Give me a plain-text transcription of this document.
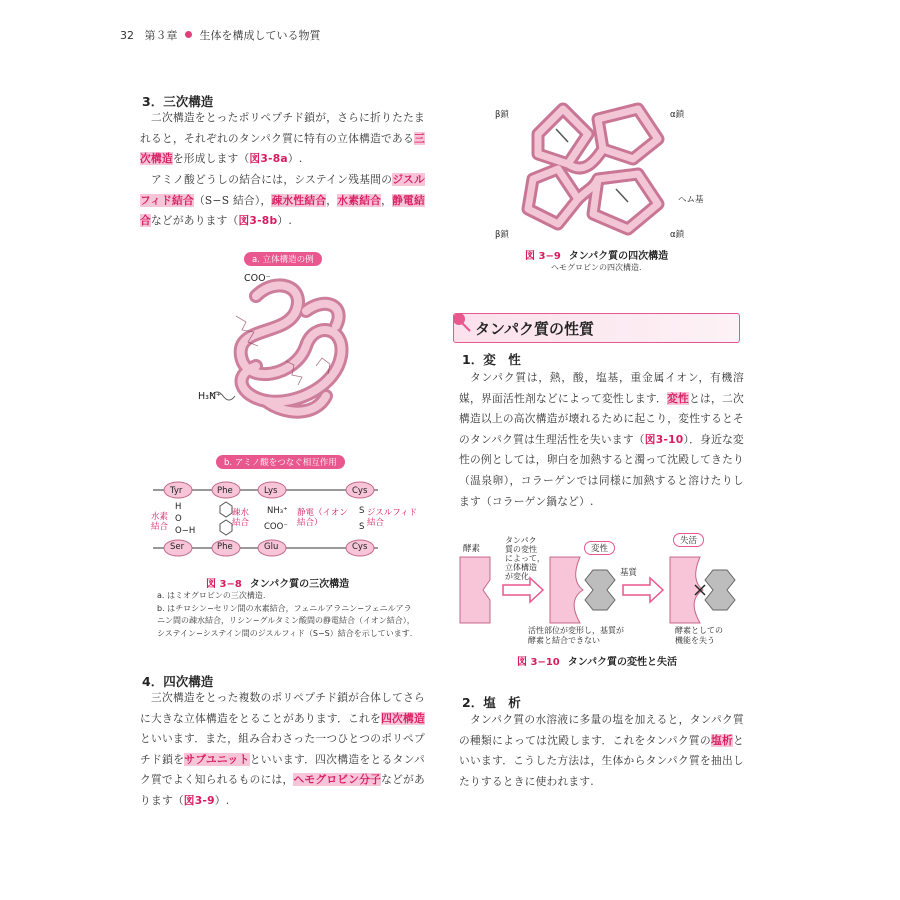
32 第３章 生体を構成している物質
3．三次構造
二次構造をとったポリペプチド鎖が，さらに折りたたまれると，それぞれのタンパク質に特有の立体構造である三次構造を形成します（図3-8a）.
アミノ酸どうしの結合には，システイン残基間のジスルフィド結合（S−S 結合），疎水性結合，水素結合，静電結合などがあります（図3-8b）.
a. 立体構造の例
COO⁻
H₃N⁺
b. アミノ酸をつなぐ相互作用
Tyr	Phe	Lys	Cys
Ser	Phe	Glu	Cys
H
O
O−H
水素
結合
疎水
結合
NH₃⁺
COO⁻
静電（イオン
結合）
S
S
ジスルフィド
結合
図 3−8 タンパク質の三次構造
a. はミオグロビンの三次構造.
b. はチロシン−セリン間の水素結合，フェニルアラニン−フェニルアラニン間の疎水結合，リシン−グルタミン酸間の静電結合（イオン結合），システイン−システイン間のジスルフィド（S−S）結合を示しています.
4．四次構造
三次構造をとった複数のポリペプチド鎖が合体してさらに大きな立体構造をとることがあります．これを四次構造といいます．また，組み合わさった一つひとつのポリペプチド鎖をサブユニットといいます．四次構造をとるタンパク質でよく知られるものには，ヘモグロビン分子などがあります（図3-9）.
β鎖	α鎖
ヘム基
β鎖	α鎖
図 3−9 タンパク質の四次構造
ヘモグロビンの四次構造.
タンパク質の性質
1．変　性
タンパク質は，熱，酸，塩基，重金属イオン，有機溶媒，界面活性剤などによって変性します．変性とは，二次構造以上の高次構造が壊れるために起こり，変性するとそのタンパク質は生理活性を失います（図3-10）．身近な変性の例としては，卵白を加熱すると濁って沈殿してきたり（温泉卵），コラーゲンでは同様に加熱すると溶けたりします（コラーゲン鍋など）.
酵素
タンパク
質の変性
によって，
立体構造
が変化
変性
基質
失活
活性部位が変形し，基質が
酵素と結合できない
酵素としての
機能を失う
図 3−10 タンパク質の変性と失活
2．塩　析
タンパク質の水溶液に多量の塩を加えると，タンパク質の種類によっては沈殿します．これをタンパク質の塩析といいます．こうした方法は，生体からタンパク質を抽出したりするときに使われます.
